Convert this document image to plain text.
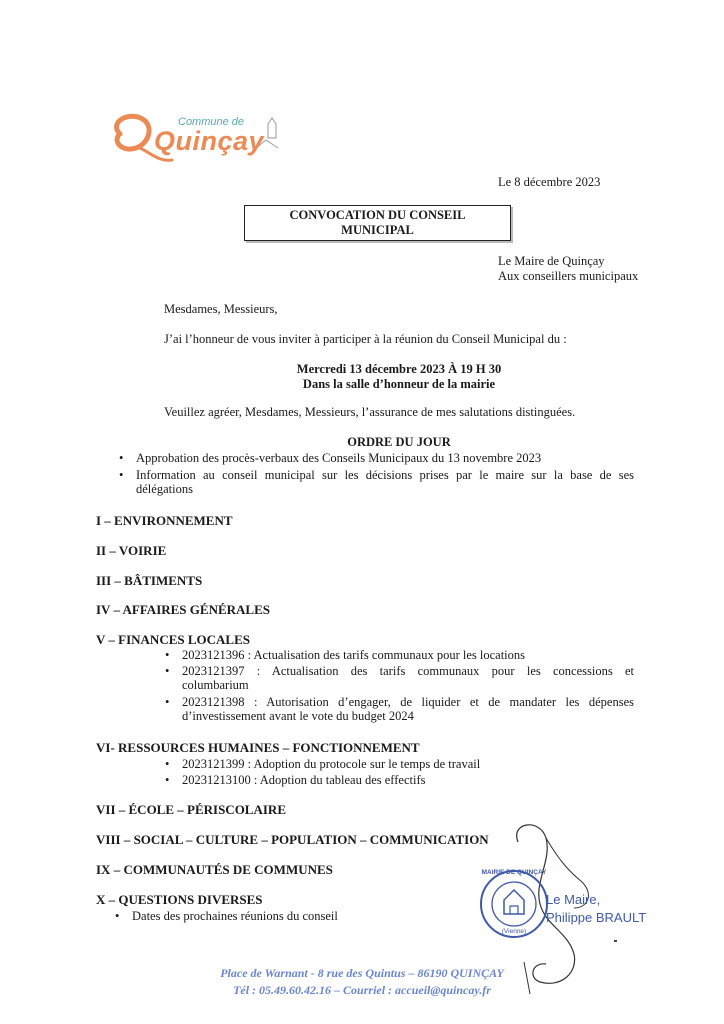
Commune de
Quinçay
Le 8 décembre 2023
CONVOCATION DU CONSEIL
MUNICIPAL
Le Maire de Quinçay
Aux conseillers municipaux
Mesdames, Messieurs,
J’ai l’honneur de vous inviter à participer à la réunion du Conseil Municipal du :
Mercredi 13 décembre 2023 À 19 H 30
Dans la salle d’honneur de la mairie
Veuillez agréer, Mesdames, Messieurs, l’assurance de mes salutations distinguées.
ORDRE DU JOUR
• Approbation des procès-verbaux des Conseils Municipaux du 13 novembre 2023
• Information au conseil municipal sur les décisions prises par le maire sur la base de ses
délégations
I – ENVIRONNEMENT
II – VOIRIE
III – BÂTIMENTS
IV – AFFAIRES GÉNÉRALES
V – FINANCES LOCALES
• 2023121396 : Actualisation des tarifs communaux pour les locations
• 2023121397 : Actualisation des tarifs communaux pour les concessions et
columbarium
• 2023121398 : Autorisation d’engager, de liquider et de mandater les dépenses
d’investissement avant le vote du budget 2024
VI- RESSOURCES HUMAINES – FONCTIONNEMENT
• 2023121399 : Adoption du protocole sur le temps de travail
• 20231213100 : Adoption du tableau des effectifs
VII – ÉCOLE – PÉRISCOLAIRE
VIII – SOCIAL – CULTURE – POPULATION – COMMUNICATION
IX – COMMUNAUTÉS DE COMMUNES
X – QUESTIONS DIVERSES
• Dates des prochaines réunions du conseil
MAIRIE DE QUINÇAY
(Vienne)
Le Maire,
Philippe BRAULT
Place de Warnant - 8 rue des Quintus – 86190 QUINÇAY
Tél : 05.49.60.42.16 – Courriel : accueil@quincay.fr
